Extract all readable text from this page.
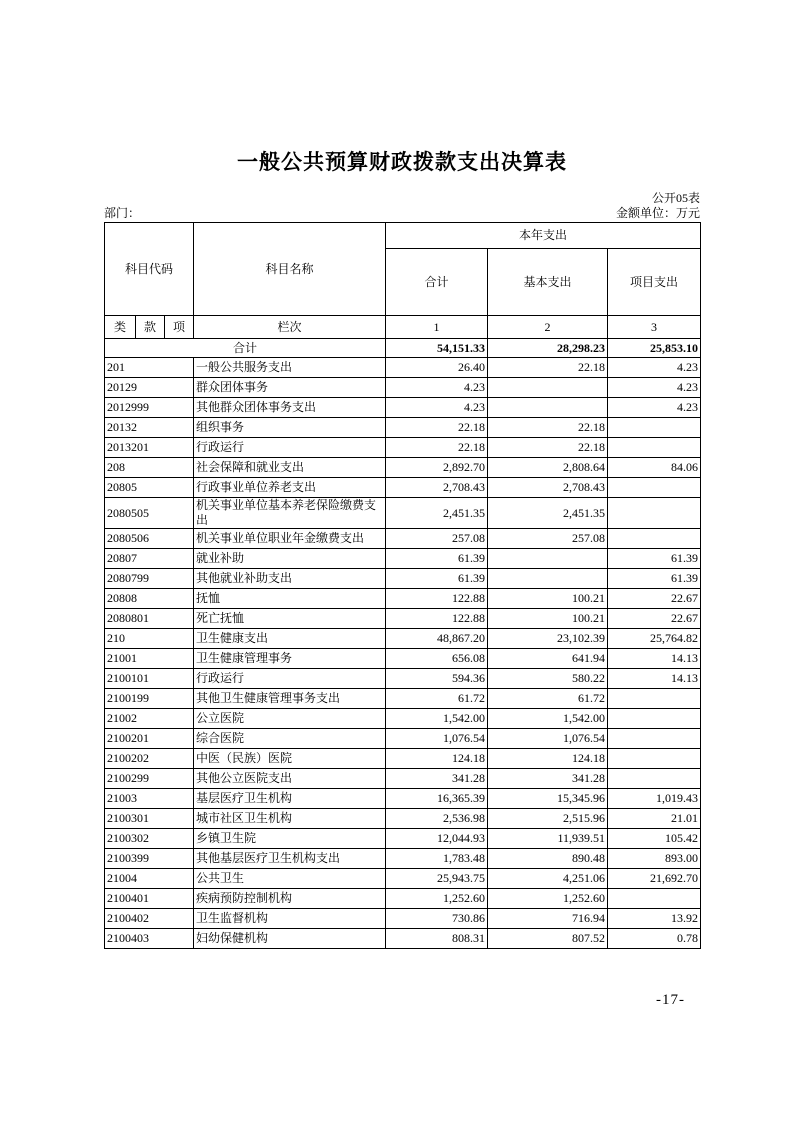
一般公共预算财政拨款支出决算表
公开05表
部门：	金额单位：万元
科目代码			科目名称	本年支出		
				合计	基本支出	项目支出
类	款	项	栏次	1	2	3
合计				54,151.33	28,298.23	25,853.10
201			一般公共服务支出	26.40	22.18	4.23
20129			群众团体事务	4.23		4.23
2012999			其他群众团体事务支出	4.23		4.23
20132			组织事务	22.18	22.18	
2013201			行政运行	22.18	22.18	
208			社会保障和就业支出	2,892.70	2,808.64	84.06
20805			行政事业单位养老支出	2,708.43	2,708.43	
2080505			机关事业单位基本养老保险缴费支出	2,451.35	2,451.35	
2080506			机关事业单位职业年金缴费支出	257.08	257.08	
20807			就业补助	61.39		61.39
2080799			其他就业补助支出	61.39		61.39
20808			抚恤	122.88	100.21	22.67
2080801			死亡抚恤	122.88	100.21	22.67
210			卫生健康支出	48,867.20	23,102.39	25,764.82
21001			卫生健康管理事务	656.08	641.94	14.13
2100101			行政运行	594.36	580.22	14.13
2100199			其他卫生健康管理事务支出	61.72	61.72	
21002			公立医院	1,542.00	1,542.00	
2100201			综合医院	1,076.54	1,076.54	
2100202			中医（民族）医院	124.18	124.18	
2100299			其他公立医院支出	341.28	341.28	
21003			基层医疗卫生机构	16,365.39	15,345.96	1,019.43
2100301			城市社区卫生机构	2,536.98	2,515.96	21.01
2100302			乡镇卫生院	12,044.93	11,939.51	105.42
2100399			其他基层医疗卫生机构支出	1,783.48	890.48	893.00
21004			公共卫生	25,943.75	4,251.06	21,692.70
2100401			疾病预防控制机构	1,252.60	1,252.60	
2100402			卫生监督机构	730.86	716.94	13.92
2100403			妇幼保健机构	808.31	807.52	0.78
-17-
